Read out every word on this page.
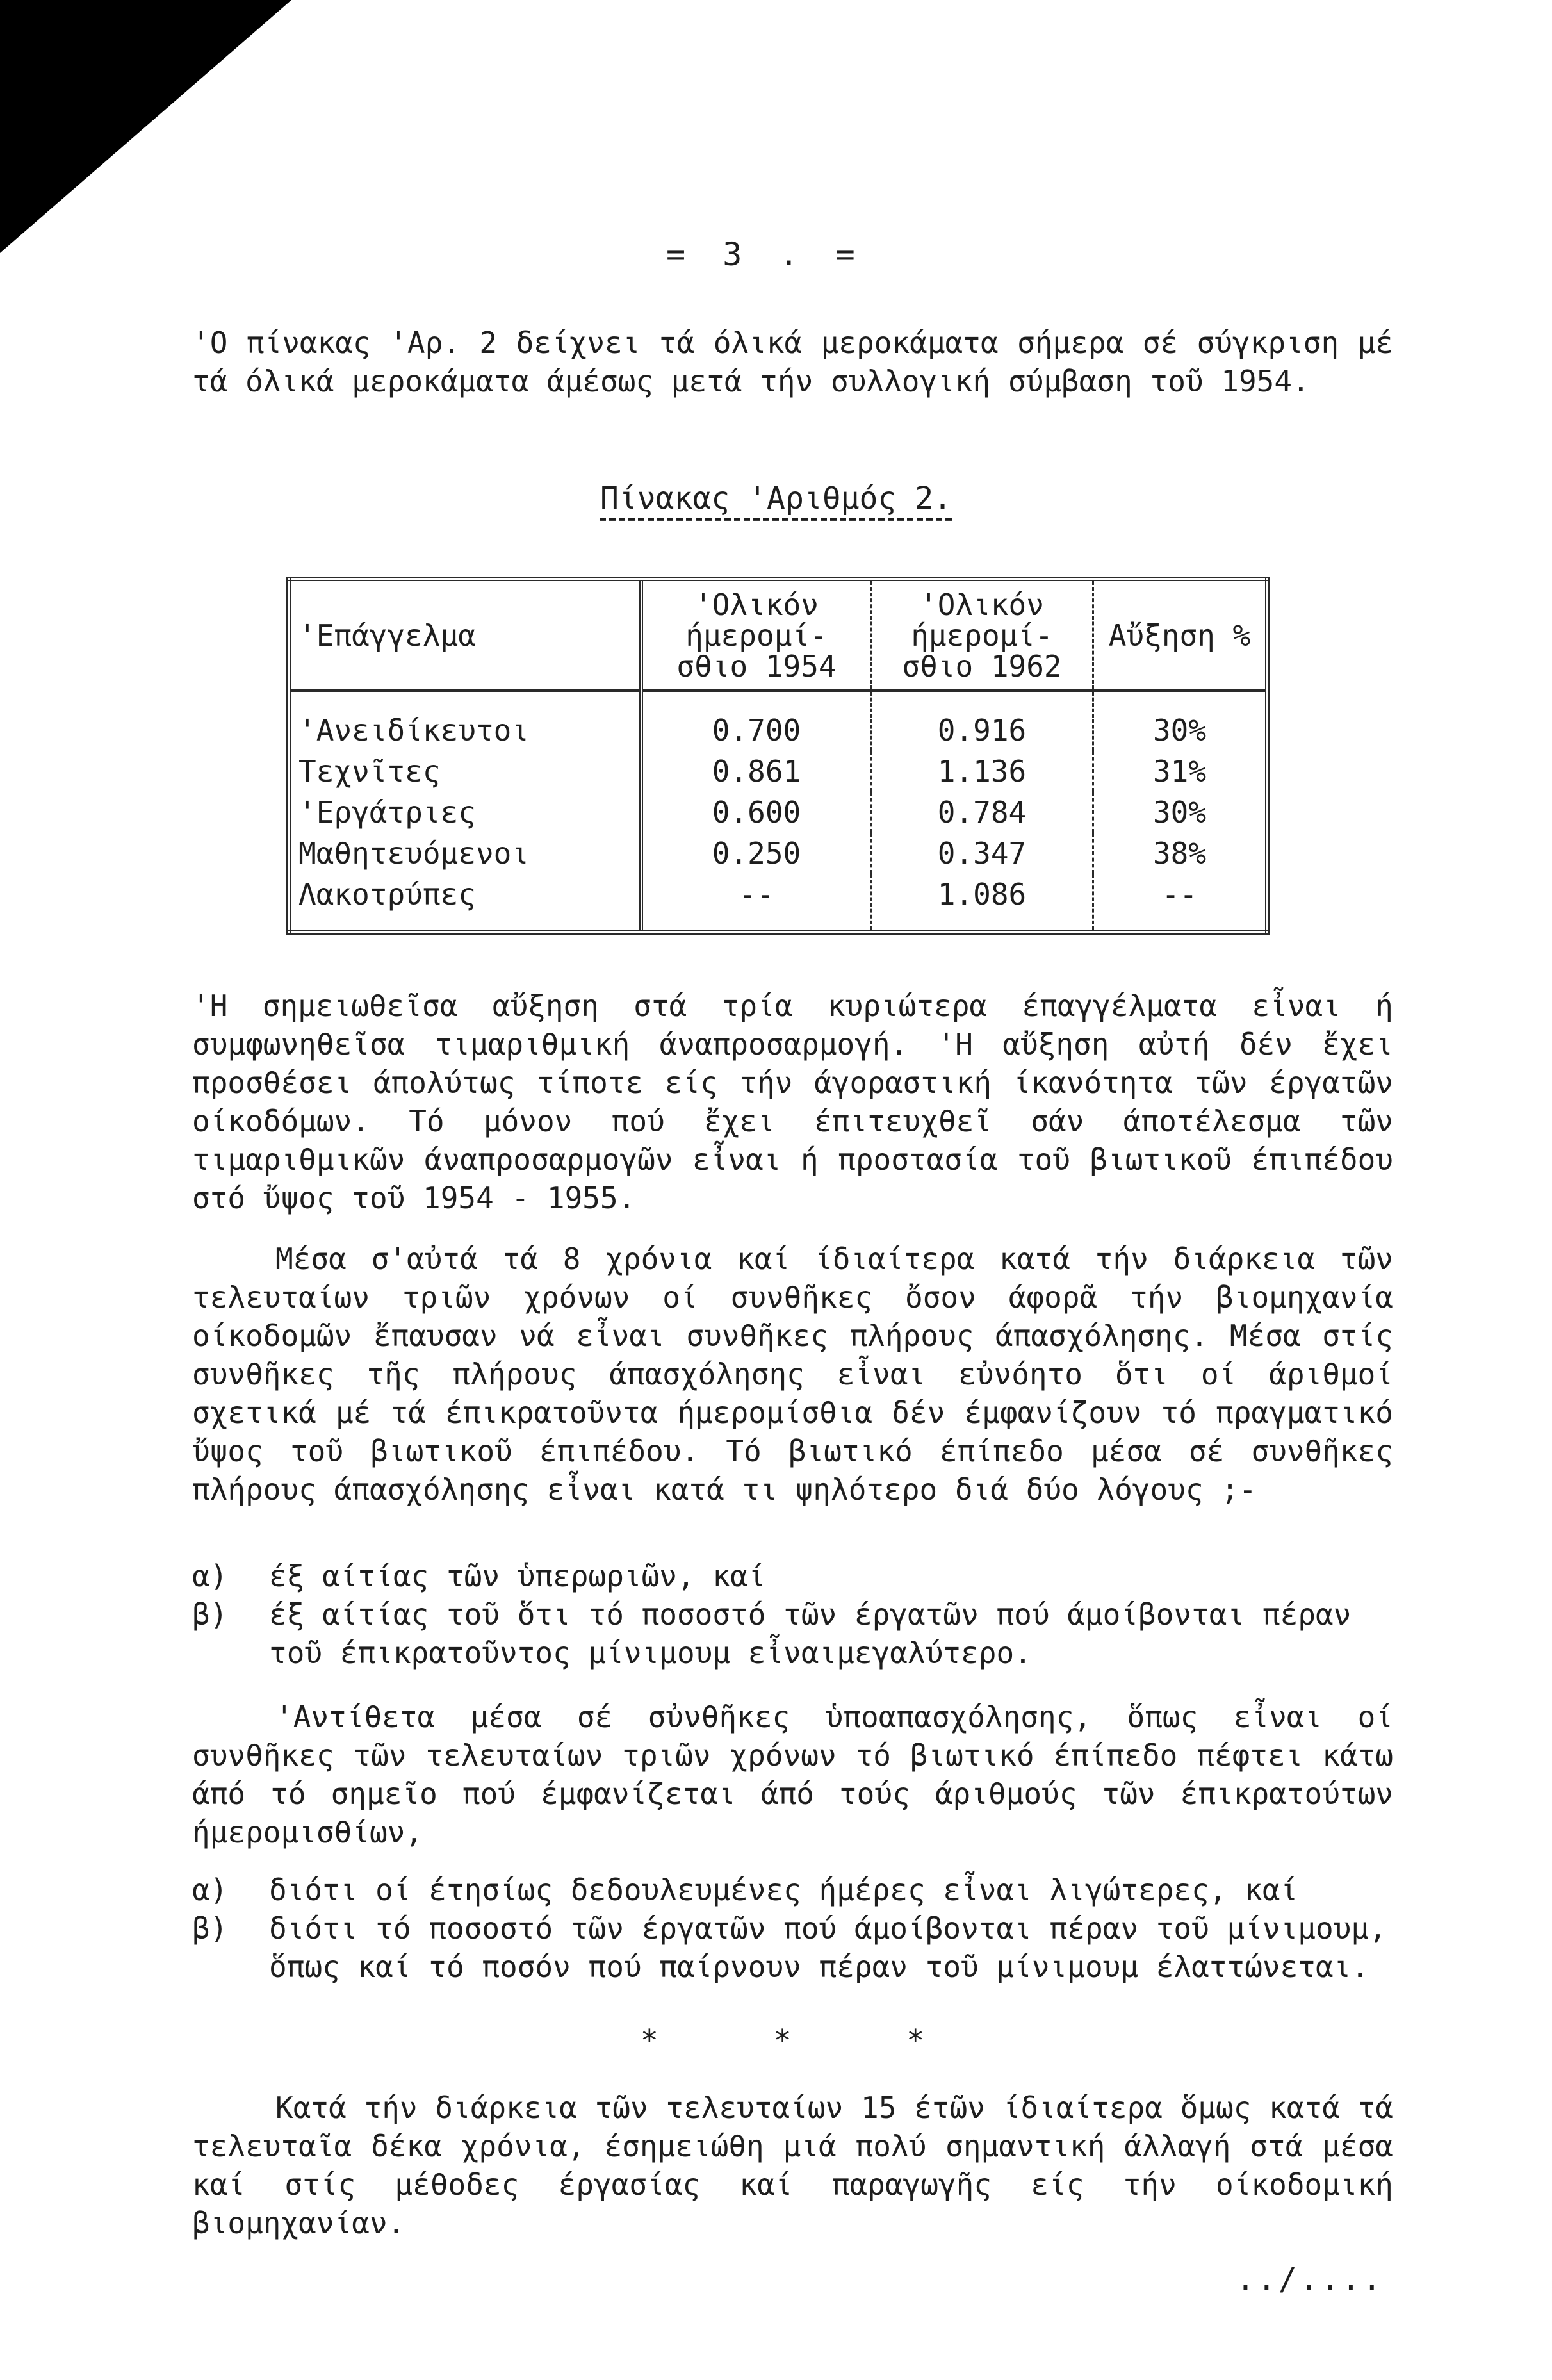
= 3 . =
'Ο πίνακας 'Αρ. 2 δείχνει τά όλικά μεροκάματα σήμερα σέ σύγκριση μέ τά όλικά μεροκάματα άμέσως μετά τήν συλλογική σύμβαση τοῦ 1954.
Πίνακας 'Αριθμός 2.
'Επάγγελμα	'Ολικόν ήμερομί- σθιο 1954	'Ολικόν ήμερομί- σθιο 1962	Αὔξηση %
'Ανειδίκευτοι	0.700	0.916	30%
Τεχνῖτες	0.861	1.136	31%
'Εργάτριες	0.600	0.784	30%
Μαθητευόμενοι	0.250	0.347	38%
Λακοτρύπες	--	1.086	--
'Η σημειωθεῖσα αὔξηση στά τρία κυριώτερα έπαγγέλματα εἶναι ή συμφωνηθεῖσα τιμαριθμική άναπροσαρμογή. 'Η αὔξηση αὐτή δέν ἔχει προσθέσει άπολύτως τίποτε είς τήν άγοραστική ίκανότητα τῶν έργατῶν οίκοδόμων. Τό μόνον πού ἔχει έπιτευχθεῖ σάν άποτέλεσμα τῶν τιμαριθμικῶν άναπροσαρμογῶν εἶναι ή προστασία τοῦ βιωτικοῦ έπιπέδου στό ὔψος τοῦ 1954 - 1955.
Μέσα σ'αὐτά τά 8 χρόνια καί ίδιαίτερα κατά τήν διάρκεια τῶν τελευταίων τριῶν χρόνων οί συνθῆκες ὄσον άφορᾶ τήν βιομηχανία οίκοδομῶν ἔπαυσαν νά εἶναι συνθῆκες πλήρους άπασχόλησης. Μέσα στίς συνθῆκες τῆς πλήρους άπασχόλησης εἶναι εὐνόητο ὅτι οί άριθμοί σχετικά μέ τά έπικρατοῦντα ήμερομίσθια δέν έμφανίζουν τό πραγματικό ὔψος τοῦ βιωτικοῦ έπιπέδου. Τό βιωτικό έπίπεδο μέσα σέ συνθῆκες πλήρους άπασχόλησης εἶναι κατά τι ψηλότερο διά δύο λόγους ;-
α)	έξ αίτίας τῶν ὑπερωριῶν, καί
β)	έξ αίτίας τοῦ ὅτι τό ποσοστό τῶν έργατῶν πού άμοίβονται πέραν τοῦ έπικρατοῦντος μίνιμουμ εἶναιμεγαλύτερο.
'Αντίθετα μέσα σέ σὐνθῆκες ὑποαπασχόλησης, ὅπως εἶναι οί συνθῆκες τῶν τελευταίων τριῶν χρόνων τό βιωτικό έπίπεδο πέφτει κάτω άπό τό σημεῖο πού έμφανίζεται άπό τούς άριθμούς τῶν έπικρατούτων ήμερομισθίων,
α)	διότι οί έτησίως δεδουλευμένες ήμέρες εἶναι λιγώτερες, καί
β)	διότι τό ποσοστό τῶν έργατῶν πού άμοίβονται πέραν τοῦ μίνιμουμ, ὅπως καί τό ποσόν πού παίρνουν πέραν τοῦ μίνιμουμ έλαττώνεται.
*	*	*
Κατά τήν διάρκεια τῶν τελευταίων 15 έτῶν ίδιαίτερα ὅμως κατά τά τελευταῖα δέκα χρόνια, έσημειώθη μιά πολύ σημαντική άλλαγή στά μέσα καί στίς μέθοδες έργασίας καί παραγωγῆς είς τήν οίκοδομική βιομηχανίαν.
../....
